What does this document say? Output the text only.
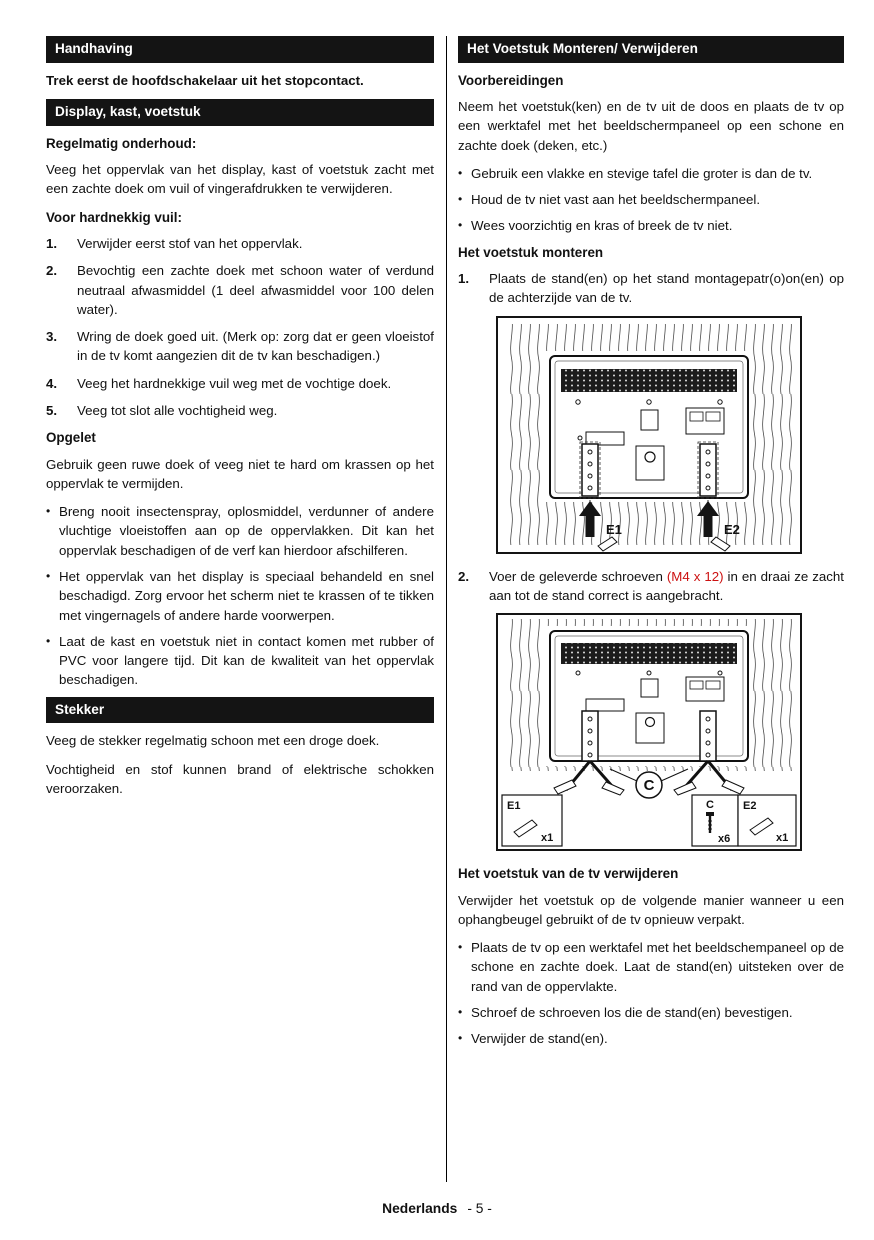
Handhaving

Trek eerst de hoofdschakelaar uit het stopcontact.

Display, kast, voetstuk
Regelmatig onderhoud:

Veeg het oppervlak van het display, kast of voetstuk zacht met een zachte doek om vuil of vingerafdrukken te verwijderen.

Voor hardnekkig vuil:
1.	Verwijder eerst stof van het oppervlak.
2.	Bevochtig een zachte doek met schoon water of verdund neutraal afwasmiddel (1 deel afwasmiddel voor 100 delen water).
3.	Wring de doek goed uit. (Merk op: zorg dat er geen vloeistof in de tv komt aangezien dit de tv kan beschadigen.)
4.	Veeg het hardnekkige vuil weg met de vochtige doek.
5.	Veeg tot slot alle vochtigheid weg.
Opgelet

Gebruik geen ruwe doek of veeg niet te hard om krassen op het oppervlak te vermijden.

• Breng nooit insectenspray, oplosmiddel, verdunner of andere vluchtige vloeistoffen aan op de oppervlakken. Dit kan het oppervlak beschadigen of de verf kan hierdoor afschilferen.
• Het oppervlak van het display is speciaal behandeld en snel beschadigd. Zorg ervoor het scherm niet te krassen of te tikken met vingernagels of andere harde voorwerpen.
• Laat de kast en voetstuk niet in contact komen met rubber of PVC voor langere tijd. Dit kan de kwaliteit van het oppervlak beschadigen.
Stekker

Veeg de stekker regelmatig schoon met een droge doek.

Vochtigheid en stof kunnen brand of elektrische schokken veroorzaken.

Het Voetstuk Monteren/ Verwijderen
Voorbereidingen

Neem het voetstuk(ken) en de tv uit de doos en plaats de tv op een werktafel met het beeldschermpaneel op een schone en zachte doek (deken, etc.)

• Gebruik een vlakke en stevige tafel die groter is dan de tv.
• Houd de tv niet vast aan het beeldschermpaneel.
• Wees voorzichtig en kras of breek de tv niet.
Het voetstuk monteren
1.	Plaats de stand(en) op het stand montagepatr(o)on(en) op de achterzijde van de tv.
E1	E2
2.	Voer de geleverde schroeven (M4 x 12) in en draai ze zacht aan tot de stand correct is aangebracht.
C
E1
x1
C
x6
E2
x1
Het voetstuk van de tv verwijderen

Verwijder het voetstuk op de volgende manier wanneer u een ophangbeugel gebruikt of de tv opnieuw verpakt.

• Plaats de tv op een werktafel met het beeldschempaneel op de schone en zachte doek. Laat de stand(en) uitsteken over de rand van de oppervlakte.
• Schroef de schroeven los die de stand(en) bevestigen.
• Verwijder de stand(en).
Nederlands - 5 -
